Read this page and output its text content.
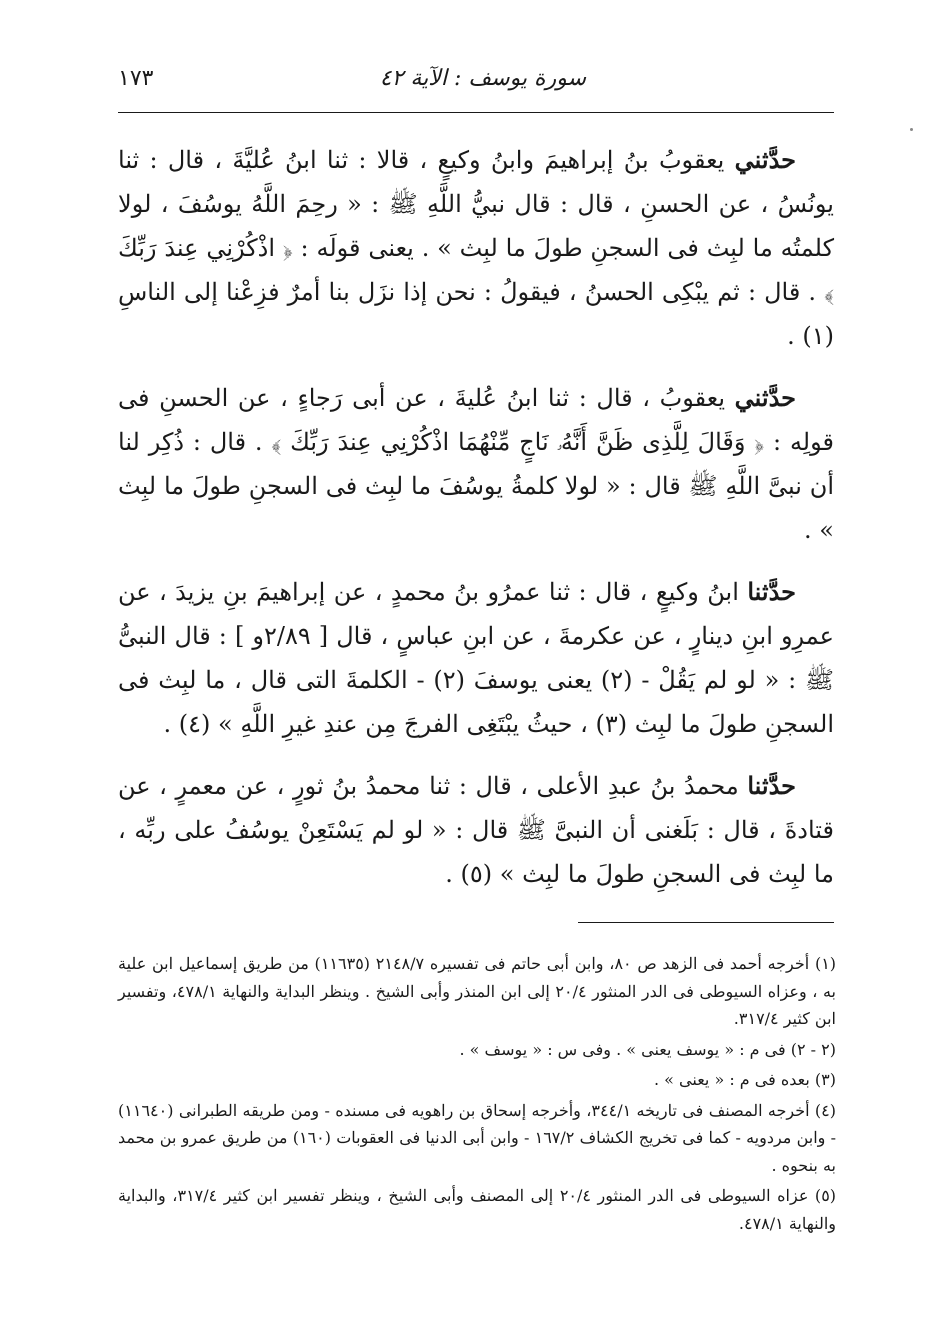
سورة يوسف : الآية ٤٢
١٧٣

حدَّثني يعقوبُ بنُ إبراهيمَ وابنُ وكيعٍ ، قالا : ثنا ابنُ عُليَّةَ ، قال : ثنا يونُسُ ، عن الحسنِ ، قال : قال نبيُّ اللَّهِ ﷺ : « رحِمَ اللَّهُ يوسُفَ ، لولا كلمتُه ما لبِث فى السجنِ طولَ ما لبِث » . يعنى قولَه : ﴿ اذْكُرْنِي عِندَ رَبِّكَ ﴾ . قال : ثم يبْكِى الحسنُ ، فيقولُ : نحن إذا نزَل بنا أمرٌ فزِعْنا إلى الناسِ (١) .

حدَّثني يعقوبُ ، قال : ثنا ابنُ عُليةَ ، عن أبى رَجاءٍ ، عن الحسنِ فى قولِه : ﴿ وَقَالَ لِلَّذِى ظَنَّ أَنَّهُۥ نَاجٍ مِّنْهُمَا اذْكُرْنِي عِندَ رَبِّكَ ﴾ . قال : ذُكِر لنا أن نبىَّ اللَّهِ ﷺ قال : « لولا كلمةُ يوسُفَ ما لبِث فى السجنِ طولَ ما لبِث » .

حدَّثنا ابنُ وكيعٍ ، قال : ثنا عمرُو بنُ محمدٍ ، عن إبراهيمَ بنِ يزيدَ ، عن عمرِو ابنِ دينارٍ ، عن عكرمةَ ، عن ابنِ عباسٍ ، قال [ ٢/٨٩و ] : قال النبىُّ ﷺ : « لو لم يَقُلْ - (٢) يعنى يوسفَ (٢) - الكلمةَ التى قال ، ما لبِث فى السجنِ طولَ ما لبِث (٣) ، حيثُ يبْتَغِى الفرجَ مِن عندِ غيرِ اللَّهِ » (٤) .

حدَّثنا محمدُ بنُ عبدِ الأعلى ، قال : ثنا محمدُ بنُ ثورٍ ، عن معمرٍ ، عن قتادةَ ، قال : بَلَغنى أن النبىَّ ﷺ قال : « لو لم يَسْتَعِنْ يوسُفُ على ربِّه ، ما لبِث فى السجنِ طولَ ما لبِث » (٥) .

(١) أخرجه أحمد فى الزهد ص ٨٠، وابن أبى حاتم فى تفسيره ٢١٤٨/٧ (١١٦٣٥) من طريق إسماعيل ابن علية به ، وعزاه السيوطى فى الدر المنثور ٢٠/٤ إلى ابن المنذر وأبى الشيخ . وينظر البداية والنهاية ٤٧٨/١، وتفسير ابن كثير ٣١٧/٤.

(٢ - ٢) فى م : « يوسف يعنى » . وفى س : « يوسف » .

(٣) بعده فى م : « يعنى » .

(٤) أخرجه المصنف فى تاريخه ٣٤٤/١، وأخرجه إسحاق بن راهويه فى مسنده - ومن طريقه الطبرانى (١١٦٤٠) - وابن مردويه - كما فى تخريج الكشاف ١٦٧/٢ - وابن أبى الدنيا فى العقوبات (١٦٠) من طريق عمرو بن محمد به بنحوه .

(٥) عزاه السيوطى فى الدر المنثور ٢٠/٤ إلى المصنف وأبى الشيخ ، وينظر تفسير ابن كثير ٣١٧/٤، والبداية والنهاية ٤٧٨/١.
